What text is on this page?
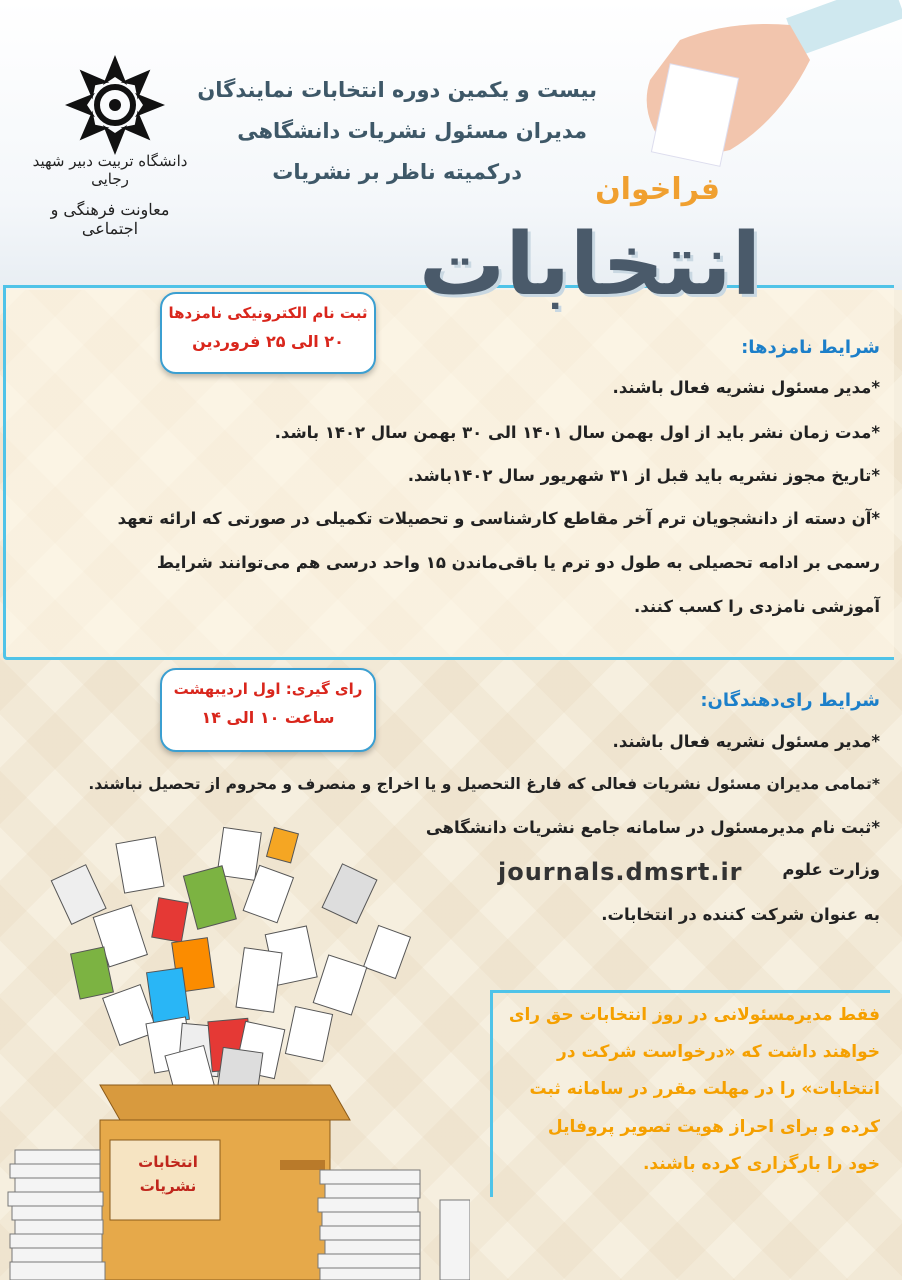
دانشگاه تربیت دبیر شهید رجایی
معاونت فرهنگی و اجتماعی
بیست و یکمین دوره انتخابات نمایندگان
مدیران مسئول نشریات دانشگاهی
درکمیته ناظر بر نشریات فراخوان
انتخابات
ثبت نام الکترونیکی نامزدها
۲۰ الی ۲۵ فروردین	شرایط نامزدها:
*مدیر مسئول نشریه فعال باشند.
*مدت زمان نشر باید از اول بهمن سال ۱۴۰۱ الی ۳۰ بهمن سال ۱۴۰۲ باشد.
*تاریخ مجوز نشریه باید قبل از ۳۱ شهریور سال ۱۴۰۲باشد.
*آن دسته از دانشجویان ترم آخر مقاطع کارشناسی و تحصیلات تکمیلی در صورتی که ارائه تعهد
رسمی بر ادامه تحصیلی به طول دو ترم یا باقی‌ماندن ۱۵ واحد درسی هم می‌توانند شرایط
آموزشی نامزدی را کسب کنند.
رای گیری: اول اردیبهشت
ساعت ۱۰ الی ۱۴
شرایط رای‌دهندگان:
*مدیر مسئول نشریه فعال باشند.
*تمامی مدیران مسئول نشریات فعالی که فارغ التحصیل و یا اخراج و منصرف و محروم از تحصیل نباشند.
*ثبت نام مدیرمسئول در سامانه جامع نشریات دانشگاهی
وزارت علوم
journals.dmsrt.ir
به عنوان شرکت کننده در انتخابات.
فقط مدیرمسئولانی در روز انتخابات حق رای
خواهند داشت که «درخواست شرکت در
انتخابات» را در مهلت مقرر در سامانه ثبت
کرده و برای احراز هویت تصویر پروفایل
خود را بارگزاری کرده باشند.
انتخابات
نشریات
